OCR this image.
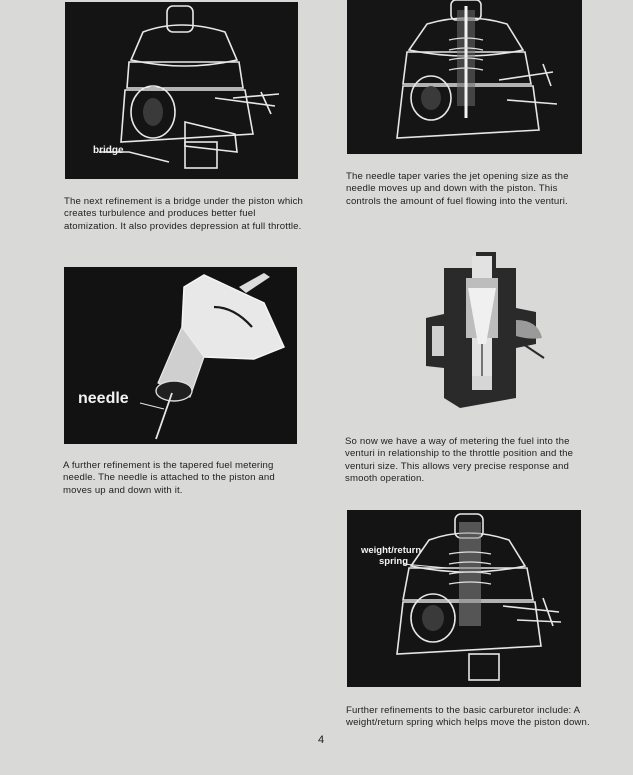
bridge
The next refinement is a bridge under the piston which creates turbulence and produces better fuel atomization. It also provides depression at full throttle.
The needle taper varies the jet opening size as the needle moves up and down with the piston. This controls the amount of fuel flowing into the venturi.
needle
A further refinement is the tapered fuel metering needle. The needle is attached to the piston and moves up and down with it.
So now we have a way of metering the fuel into the venturi in relationship to the throttle position and the venturi size. This allows very precise response and smooth operation.
weight/return
spring
Further refinements to the basic carburetor include: A weight/return spring which helps move the piston down.
4
